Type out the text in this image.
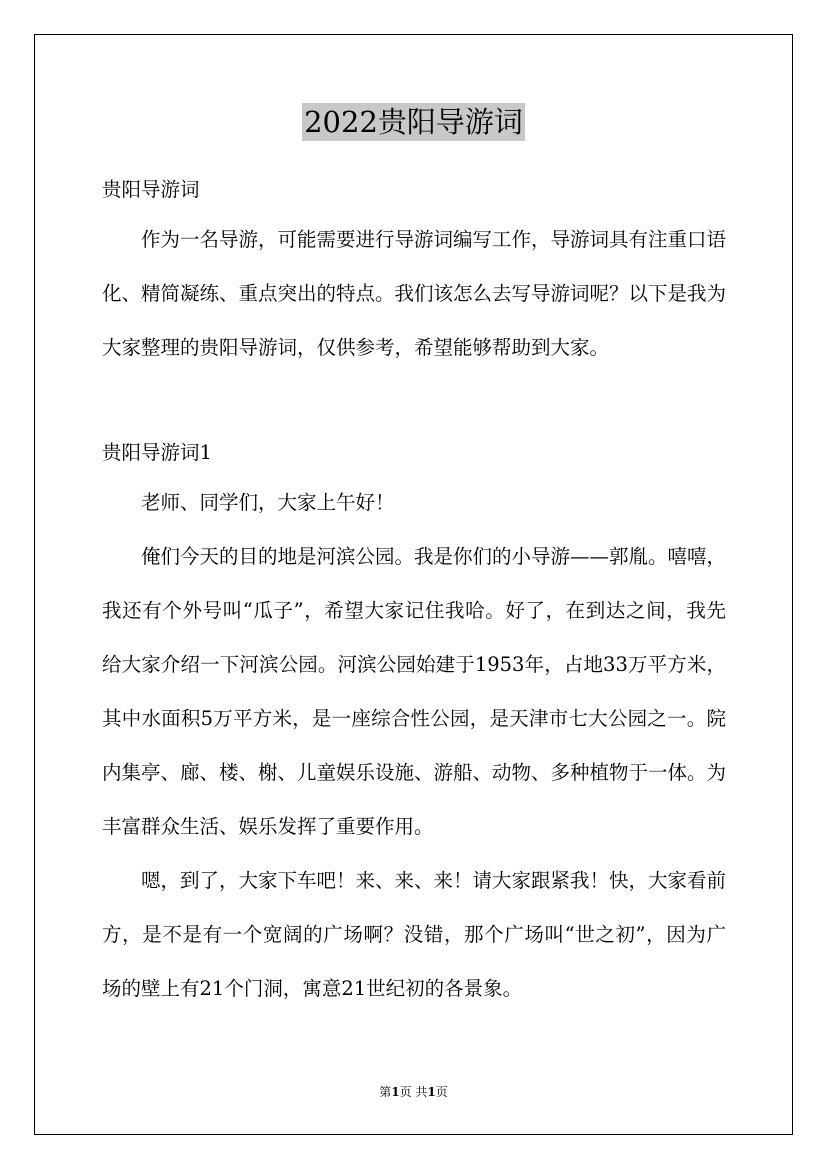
2022贵阳导游词

贵阳导游词

作为一名导游，可能需要进行导游词编写工作，导游词具有注重口语化、精简凝练、重点突出的特点。我们该怎么去写导游词呢？以下是我为大家整理的贵阳导游词，仅供参考，希望能够帮助到大家。

贵阳导游词1

老师、同学们，大家上午好！

俺们今天的目的地是河滨公园。我是你们的小导游——郭胤。嘻嘻，我还有个外号叫“瓜子”，希望大家记住我哈。好了，在到达之间，我先给大家介绍一下河滨公园。河滨公园始建于1953年，占地33万平方米，其中水面积5万平方米，是一座综合性公园，是天津市七大公园之一。院内集亭、廊、楼、榭、儿童娱乐设施、游船、动物、多种植物于一体。为丰富群众生活、娱乐发挥了重要作用。

嗯，到了，大家下车吧！来、来、来！请大家跟紧我！快，大家看前方，是不是有一个宽阔的广场啊？没错，那个广场叫“世之初”，因为广场的壁上有21个门洞，寓意21世纪初的各景象。

第1页 共1页
